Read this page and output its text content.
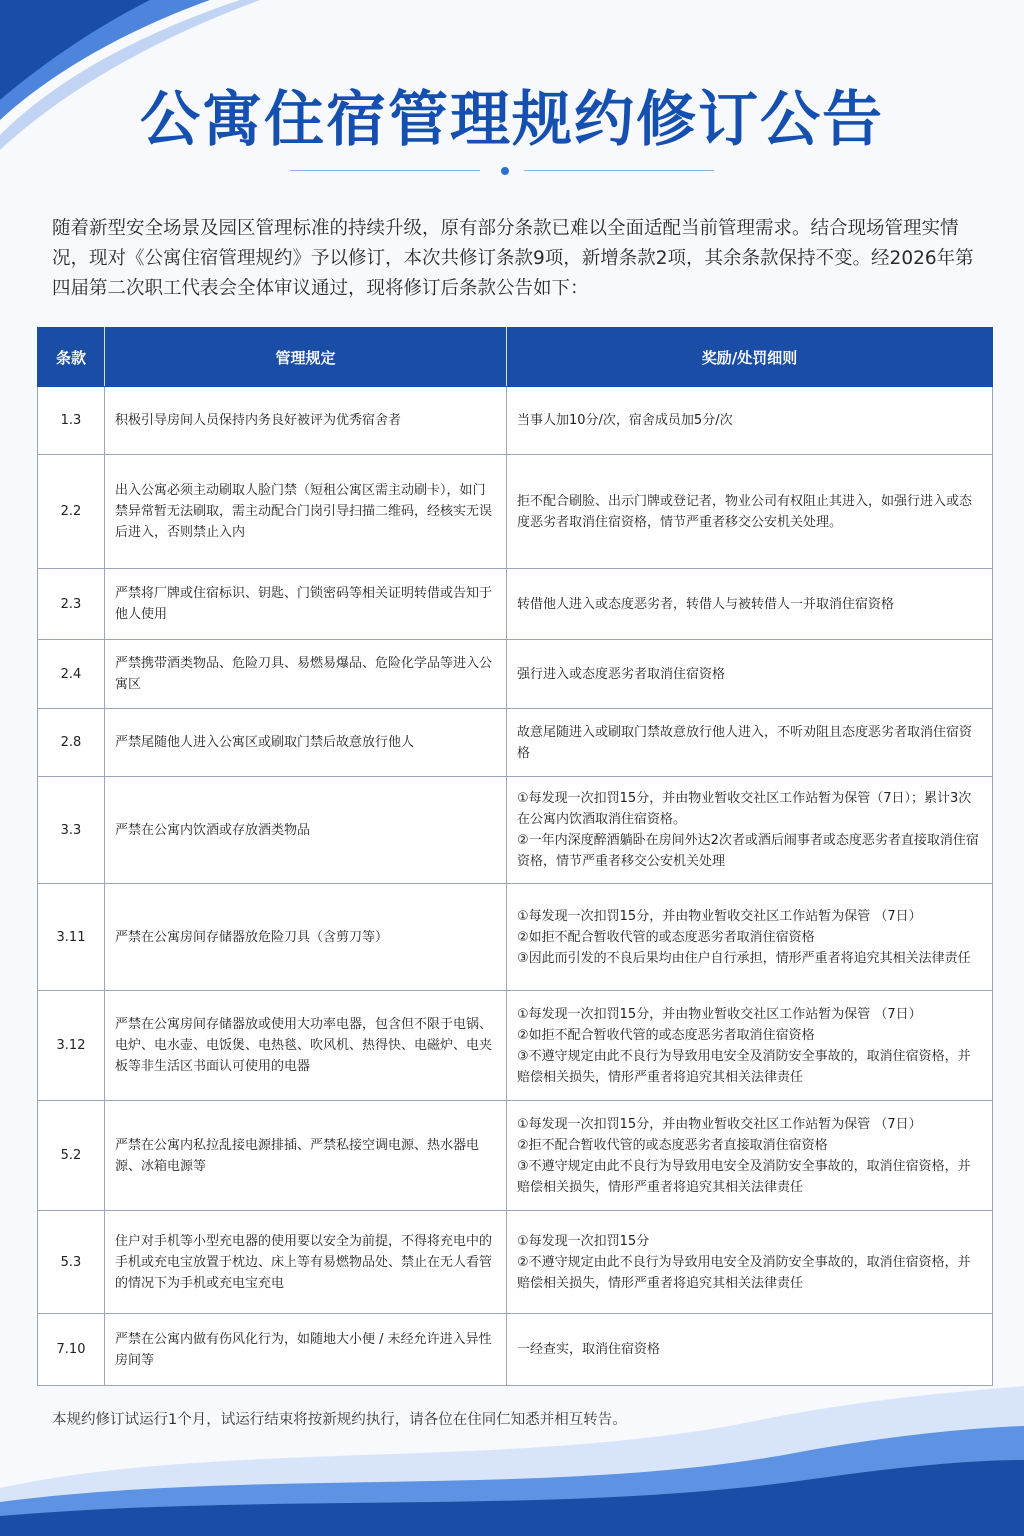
公寓住宿管理规约修订公告
随着新型安全场景及园区管理标准的持续升级，原有部分条款已难以全面适配当前管理需求。结合现场管理实情况，现对《公寓住宿管理规约》予以修订，本次共修订条款9项，新增条款2项，其余条款保持不变。经2026年第四届第二次职工代表会全体审议通过，现将修订后条款公告如下：
条款	管理规定	奖励/处罚细则
1.3	积极引导房间人员保持内务良好被评为优秀宿舍者	当事人加10分/次，宿舍成员加5分/次
2.2	出入公寓必须主动刷取人脸门禁（短租公寓区需主动刷卡），如门禁异常暂无法刷取，需主动配合门岗引导扫描二维码，经核实无误后进入，否则禁止入内	拒不配合刷脸、出示门牌或登记者，物业公司有权阻止其进入，如强行进入或态度恶劣者取消住宿资格，情节严重者移交公安机关处理。
2.3	严禁将厂牌或住宿标识、钥匙、门锁密码等相关证明转借或告知于他人使用	转借他人进入或态度恶劣者，转借人与被转借人一并取消住宿资格
2.4	严禁携带酒类物品、危险刀具、易燃易爆品、危险化学品等进入公寓区	强行进入或态度恶劣者取消住宿资格
2.8	严禁尾随他人进入公寓区或刷取门禁后故意放行他人	故意尾随进入或刷取门禁故意放行他人进入，不听劝阻且态度恶劣者取消住宿资格
3.3	严禁在公寓内饮酒或存放酒类物品	①每发现一次扣罚15分，并由物业暂收交社区工作站暂为保管（7日）；累计3次在公寓内饮酒取消住宿资格。
②一年内深度醉酒躺卧在房间外达2次者或酒后闹事者或态度恶劣者直接取消住宿资格，情节严重者移交公安机关处理
3.11	严禁在公寓房间存储器放危险刀具（含剪刀等）	①每发现一次扣罚15分，并由物业暂收交社区工作站暂为保管 （7日）
②如拒不配合暂收代管的或态度恶劣者取消住宿资格
③因此而引发的不良后果均由住户自行承担，情形严重者将追究其相关法律责任
3.12	严禁在公寓房间存储器放或使用大功率电器，包含但不限于电锅、电炉、电水壶、电饭煲、电热毯、吹风机、热得快、电磁炉、电夹板等非生活区书面认可使用的电器	①每发现一次扣罚15分，并由物业暂收交社区工作站暂为保管 （7日）
②如拒不配合暂收代管的或态度恶劣者取消住宿资格
③不遵守规定由此不良行为导致用电安全及消防安全事故的，取消住宿资格，并赔偿相关损失，情形严重者将追究其相关法律责任
5.2	严禁在公寓内私拉乱接电源排插、严禁私接空调电源、热水器电源、冰箱电源等	①每发现一次扣罚15分，并由物业暂收交社区工作站暂为保管 （7日）
②拒不配合暂收代管的或态度恶劣者直接取消住宿资格
③不遵守规定由此不良行为导致用电安全及消防安全事故的，取消住宿资格，并赔偿相关损失，情形严重者将追究其相关法律责任
5.3	住户对手机等小型充电器的使用要以安全为前提，不得将充电中的手机或充电宝放置于枕边、床上等有易燃物品处、禁止在无人看管的情况下为手机或充电宝充电	①每发现一次扣罚15分
②不遵守规定由此不良行为导致用电安全及消防安全事故的，取消住宿资格，并赔偿相关损失，情形严重者将追究其相关法律责任
7.10	严禁在公寓内做有伤风化行为，如随地大小便 / 未经允许进入异性房间等	一经查实，取消住宿资格
本规约修订试运行1个月，试运行结束将按新规约执行，请各位在住同仁知悉并相互转告。
